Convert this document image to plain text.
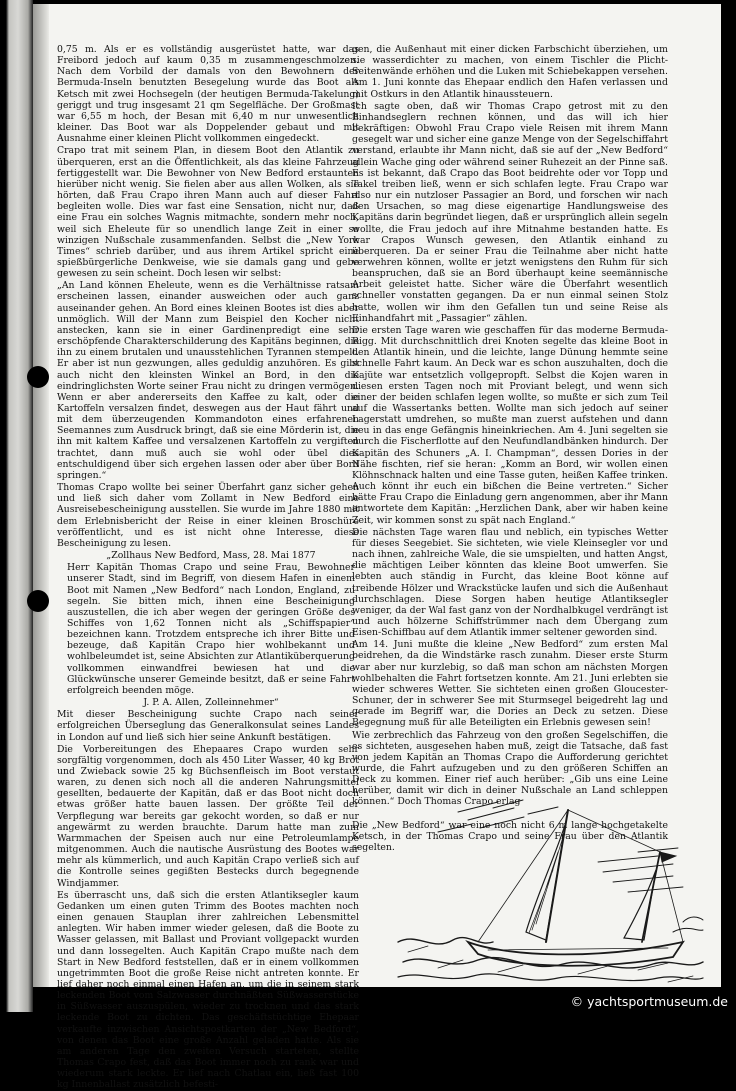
0,75 m. Als er es vollständig ausgerüstet hatte, war das Freibord jedoch auf kaum 0,35 m zusammengeschmolzen. Nach dem Vorbild der damals von den Bewohnern der Bermuda-Inseln benutzten Besegelung wurde das Boot als Ketsch mit zwei Hochsegeln (der heutigen Bermuda-Takelung) geriggt und trug insgesamt 21 qm Segelfläche. Der Großmast war 6,55 m hoch, der Besan mit 6,40 m nur unwesentlich kleiner. Das Boot war als Doppelender gebaut und mit Ausnahme einer kleinen Plicht vollkommen eingedeckt.

Crapo trat mit seinem Plan, in diesem Boot den Atlantik zu überqueren, erst an die Öffentlichkeit, als das kleine Fahrzeug fertiggestellt war. Die Bewohner von New Bedford erstaunten hierüber nicht wenig. Sie fielen aber aus allen Wolken, als sie hörten, daß Frau Crapo ihren Mann auch auf dieser Fahrt begleiten wolle. Dies war fast eine Sensation, nicht nur, daß eine Frau ein solches Wagnis mitmachte, sondern mehr noch, weil sich Eheleute für so unendlich lange Zeit in einer so winzigen Nußschale zusammenfanden. Selbst die „New York Times“ schrieb darüber, und aus ihrem Artikel spricht eine spießbürgerliche Denkweise, wie sie damals gang und gebe gewesen zu sein scheint. Doch lesen wir selbst:

„An Land können Eheleute, wenn es die Verhältnisse ratsam erscheinen lassen, einander ausweichen oder auch ganz auseinander gehen. An Bord eines kleinen Bootes ist dies aber unmöglich. Will der Mann zum Beispiel den Kocher nicht anstecken, kann sie in einer Gardinenpredigt eine sehr erschöpfende Charakterschilderung des Kapitäns beginnen, die ihn zu einem brutalen und unausstehlichen Tyrannen stempelt. Er aber ist nun gezwungen, alles geduldig anzuhören. Es gibt auch nicht den kleinsten Winkel an Bord, in den die eindringlichsten Worte seiner Frau nicht zu dringen vermögen. Wenn er aber andererseits den Kaffee zu kalt, oder die Kartoffeln versalzen findet, deswegen aus der Haut fährt und mit dem überzeugenden Kommandoton eines erfahrenen Seemannes zum Ausdruck bringt, daß sie eine Mörderin ist, die ihn mit kaltem Kaffee und versalzenen Kartoffeln zu vergiften trachtet, dann muß auch sie wohl oder übel dies entschuldigend über sich ergehen lassen oder aber über Bord springen.“

Thomas Crapo wollte bei seiner Überfahrt ganz sicher gehen und ließ sich daher vom Zollamt in New Bedford eine Ausreisebescheinigung ausstellen. Sie wurde im Jahre 1880 mit dem Erlebnisbericht der Reise in einer kleinen Broschüre veröffentlicht, und es ist nicht ohne Interesse, diese Bescheinigung zu lesen.

„Zollhaus New Bedford, Mass, 28. Mai 1877

Herr Kapitän Thomas Crapo und seine Frau, Bewohner unserer Stadt, sind im Begriff, von diesem Hafen in einem Boot mit Namen „New Bedford“ nach London, England, zu segeln. Sie bitten mich, ihnen eine Bescheinigung auszustellen, die ich aber wegen der geringen Größe des Schiffes von 1,62 Tonnen nicht als „Schiffspapier“ bezeichnen kann. Trotzdem entspreche ich ihrer Bitte und bezeuge, daß Kapitän Crapo hier wohlbekannt und wohlbeleumdet ist, seine Absichten zur Atlantiküberquerung vollkommen einwandfrei bewiesen hat und die Glückwünsche unserer Gemeinde besitzt, daß er seine Fahrt erfolgreich beenden möge.

J. P. A. Allen, Zolleinnehmer“

Mit dieser Bescheinigung suchte Crapo nach seiner erfolgreichen Überseglung das Generalkonsulat seines Landes in London auf und ließ sich hier seine Ankunft bestätigen.

Die Vorbereitungen des Ehepaares Crapo wurden sehr sorgfältig vorgenommen, doch als 450 Liter Wasser, 40 kg Brot und Zwieback sowie 25 kg Büchsenfleisch im Boot verstaut waren, zu denen sich noch all die anderen Nahrungsmittel gesellten, bedauerte der Kapitän, daß er das Boot nicht doch etwas größer hatte bauen lassen. Der größte Teil der Verpflegung war bereits gar gekocht worden, so daß er nur angewärmt zu werden brauchte. Darum hatte man zum Warmmachen der Speisen auch nur eine Petroleumlampe mitgenommen. Auch die nautische Ausrüstung des Bootes war mehr als kümmerlich, und auch Kapitän Crapo verließ sich auf die Kontrolle seines gegißten Bestecks durch begegnende Windjammer.

Es überrascht uns, daß sich die ersten Atlantiksegler kaum Gedanken um einen guten Trimm des Bootes machten noch einen genauen Stauplan ihrer zahlreichen Lebensmittel anlegten. Wir haben immer wieder gelesen, daß die Boote zu Wasser gelassen, mit Ballast und Proviant vollgepackt wurden und dann lossegelten. Auch Kapitän Crapo mußte nach dem Start in New Bedford feststellen, daß er in einem vollkommen ungetrimmten Boot die große Reise nicht antreten konnte. Er lief daher noch einmal einen Hafen an, um die in seinem stark leckenden Boot vom Salzwasser durchnäßten Süßwasserstücke in Süßwasser auszuspülen, wieder zu trocknen und das stark leckende Boot zu dichten. Das geschäftstüchtige Ehepaar verkaufte inzwischen Ansichtspostkarten der „New Bedford“, von denen das Boot eine große Anzahl geladen hatte. Als sie am anderen Tage den zweiten Versuch starteten, stellte Thomas Crapo fest, daß das Boot immer noch zu rank war und wiederum stark leckte. Er lief nach Chatlau ein, ließ fast 100 kg Innenballast zusätzlich befesti-

gen, die Außenhaut mit einer dicken Farbschicht überziehen, um sie wasserdichter zu machen, von einem Tischler die Plicht-Seitenwände erhöhen und die Luken mit Schiebekappen versehen. Am 1. Juni konnte das Ehepaar endlich den Hafen verlassen und mit Ostkurs in den Atlantik hinaussteuern.

Ich sagte oben, daß wir Thomas Crapo getrost mit zu den Einhandseglern rechnen können, und das will ich hier bekräftigen: Obwohl Frau Crapo viele Reisen mit ihrem Mann gesegelt war und sicher eine ganze Menge von der Segelschiffahrt verstand, erlaubte ihr Mann nicht, daß sie auf der „New Bedford“ allein Wache ging oder während seiner Ruhezeit an der Pinne saß. Es ist bekannt, daß Crapo das Boot beidrehte oder vor Topp und Takel treiben ließ, wenn er sich schlafen legte. Frau Crapo war also nur ein nutzloser Passagier an Bord, und forschen wir nach den Ursachen, so mag diese eigenartige Handlungsweise des Kapitäns darin begründet liegen, daß er ursprünglich allein segeln wollte, die Frau jedoch auf ihre Mitnahme bestanden hatte. Es war Crapos Wunsch gewesen, den Atlantik einhand zu überqueren. Da er seiner Frau die Teilnahme aber nicht hatte verwehren können, wollte er jetzt wenigstens den Ruhm für sich beanspruchen, daß sie an Bord überhaupt keine seemännische Arbeit geleistet hatte. Sicher wäre die Überfahrt wesentlich schneller vonstatten gegangen. Da er nun einmal seinen Stolz hatte, wollen wir ihm den Gefallen tun und seine Reise als Einhandfahrt mit „Passagier“ zählen.

Die ersten Tage waren wie geschaffen für das moderne Bermuda-Rigg. Mit durchschnittlich drei Knoten segelte das kleine Boot in den Atlantik hinein, und die leichte, lange Dünung hemmte seine schnelle Fahrt kaum. An Deck war es schon auszuhalten, doch die Kajüte war entsetzlich vollgepropft. Selbst die Kojen waren in diesen ersten Tagen noch mit Proviant belegt, und wenn sich einer der beiden schlafen legen wollte, so mußte er sich zum Teil auf die Wassertanks betten. Wollte man sich jedoch auf seiner Lagerstatt umdrehen, so mußte man zuerst aufstehen und dann neu in das enge Gefängnis hineinkriechen. Am 4. Juni segelten sie durch die Fischerflotte auf den Neufundlandbänken hindurch. Der Kapitän des Schuners „A. I. Champman“, dessen Dories in der Nähe fischten, rief sie heran: „Komm an Bord, wir wollen einen Klöhnschnack halten und eine Tasse guten, heißen Kaffee trinken. Auch könnt ihr euch ein bißchen die Beine vertreten.“ Sicher hätte Frau Crapo die Einladung gern angenommen, aber ihr Mann antwortete dem Kapitän: „Herzlichen Dank, aber wir haben keine Zeit, wir kommen sonst zu spät nach England.“

Die nächsten Tage waren flau und neblich, ein typisches Wetter für dieses Seegebiet. Sie sichteten, wie viele Kleinsegler vor und nach ihnen, zahlreiche Wale, die sie umspielten, und hatten Angst, die mächtigen Leiber könnten das kleine Boot umwerfen. Sie lebten auch ständig in Furcht, das kleine Boot könne auf treibende Hölzer und Wrackstücke laufen und sich die Außenhaut durchschlagen. Diese Sorgen haben heutige Atlantiksegler weniger, da der Wal fast ganz von der Nordhalbkugel verdrängt ist und auch hölzerne Schiffstrümmer nach dem Übergang zum Eisen-Schiffbau auf dem Atlantik immer seltener geworden sind.

Am 14. Juni mußte die kleine „New Bedford“ zum ersten Mal beidrehen, da die Windstärke rasch zunahm. Dieser erste Sturm war aber nur kurzlebig, so daß man schon am nächsten Morgen wohlbehalten die Fahrt fortsetzen konnte. Am 21. Juni erlebten sie wieder schweres Wetter. Sie sichteten einen großen Gloucester-Schuner, der in schwerer See mit Sturmsegel beigedreht lag und gerade im Begriff war, die Dories an Deck zu setzen. Diese Begegnung muß für alle Beteiligten ein Erlebnis gewesen sein!

Wie zerbrechlich das Fahrzeug von den großen Segelschiffen, die es sichteten, ausgesehen haben muß, zeigt die Tatsache, daß fast von jedem Kapitän an Thomas Crapo die Aufforderung gerichtet wurde, die Fahrt aufzugeben und zu den größeren Schiffen an Deck zu kommen. Einer rief auch herüber: „Gib uns eine Leine herüber, damit wir dich in deiner Nußschale an Land schleppen können.“ Doch Thomas Crapo erlag

Die „New Bedford“ war eine noch nicht 6 m lange hochgetakelte Ketsch, in der Thomas Crapo und seine Frau über den Atlantik segelten.

© yachtsportmuseum.de
